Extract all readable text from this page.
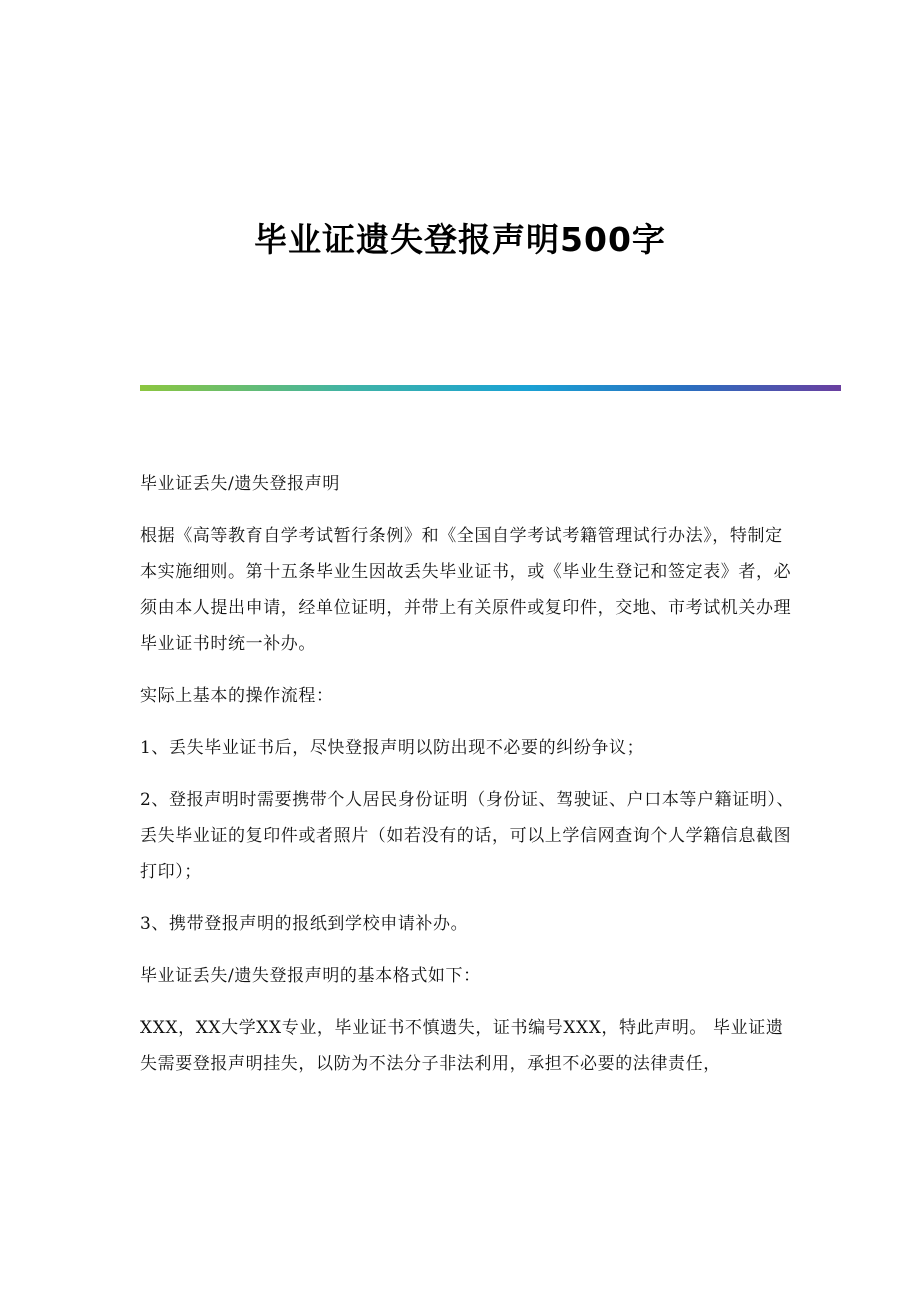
毕业证遗失登报声明500字

毕业证丢失/遗失登报声明

根据《高等教育自学考试暂行条例》和《全国自学考试考籍管理试行办法》，特制定本实施细则。第十五条毕业生因故丢失毕业证书，或《毕业生登记和签定表》者，必须由本人提出申请，经单位证明，并带上有关原件或复印件，交地、市考试机关办理毕业证书时统一补办。

实际上基本的操作流程：

1、丢失毕业证书后，尽快登报声明以防出现不必要的纠纷争议；

2、登报声明时需要携带个人居民身份证明（身份证、驾驶证、户口本等户籍证明）、丢失毕业证的复印件或者照片（如若没有的话，可以上学信网查询个人学籍信息截图打印）；

3、携带登报声明的报纸到学校申请补办。

毕业证丢失/遗失登报声明的基本格式如下：

XXX，XX大学XX专业，毕业证书不慎遗失，证书编号XXX，特此声明。 毕业证遗失需要登报声明挂失，以防为不法分子非法利用，承担不必要的法律责任，
